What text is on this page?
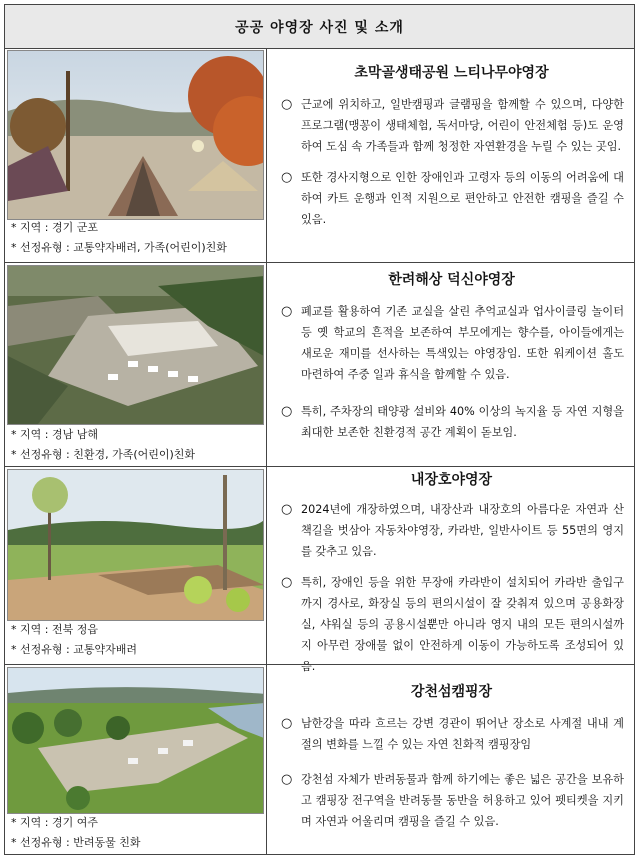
공공 야영장 사진 및 소개
* 지역 : 경기 군포
* 선정유형 : 교통약자배려, 가족(어린이)친화
초막골생태공원 느티나무야영장
○ 근교에 위치하고, 일반캠핑과 글램핑을 함께할 수 있으며, 다양한 프로그램(맹꽁이 생태체험, 독서마당, 어린이 안전체험 등)도 운영하여 도심 속 가족들과 함께 청정한 자연환경을 누릴 수 있는 곳임.
○ 또한 경사지형으로 인한 장애인과 고령자 등의 이동의 어려움에 대하여 카트 운행과 인적 지원으로 편안하고 안전한 캠핑을 즐길 수 있음.
* 지역 : 경남 남해
* 선정유형 : 친환경, 가족(어린이)친화
한려해상 덕신야영장
○ 폐교를 활용하여 기존 교실을 살린 추억교실과 업사이클링 놀이터 등 옛 학교의 흔적을 보존하여 부모에게는 향수를, 아이들에게는 새로운 재미를 선사하는 특색있는 야영장임. 또한 워케이션 홀도 마련하여 주중 일과 휴식을 함께할 수 있음.
○ 특히, 주차장의 태양광 설비와 40% 이상의 녹지율 등 자연 지형을 최대한 보존한 친환경적 공간 계획이 돋보임.
* 지역 : 전북 정읍
* 선정유형 : 교통약자배려
내장호야영장
○ 2024년에 개장하였으며, 내장산과 내장호의 아름다운 자연과 산책길을 벗삼아 자동차야영장, 카라반, 일반사이트 등 55면의 영지를 갖추고 있음.
○ 특히, 장애인 등을 위한 무장애 카라반이 설치되어 카라반 출입구까지 경사로, 화장실 등의 편의시설이 잘 갖춰져 있으며 공용화장실, 샤워실 등의 공용시설뿐만 아니라 영지 내의 모든 편의시설까지 아무런 장애물 없이 안전하게 이동이 가능하도록 조성되어 있음.
* 지역 : 경기 여주
* 선정유형 : 반려동물 친화
강천섬캠핑장
○ 남한강을 따라 흐르는 강변 경관이 뛰어난 장소로 사계절 내내 계절의 변화를 느낄 수 있는 자연 친화적 캠핑장임
○ 강천섬 자체가 반려동물과 함께 하기에는 좋은 넓은 공간을 보유하고 캠핑장 전구역을 반려동물 동반을 허용하고 있어 펫티켓을 지키며 자연과 어울리며 캠핑을 즐길 수 있음.
